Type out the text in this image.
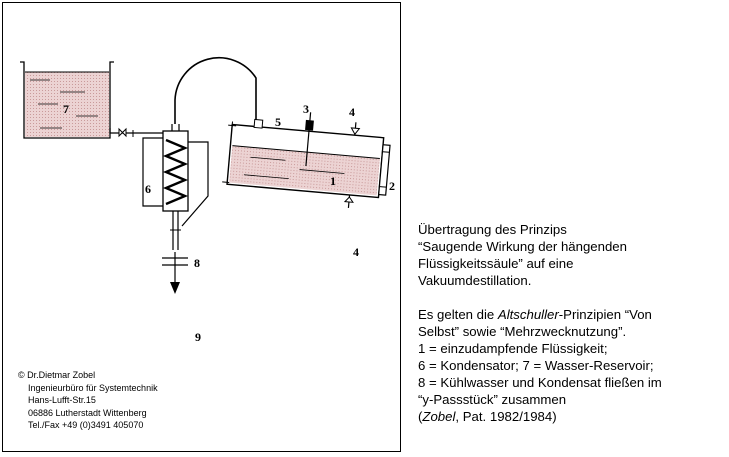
7
6
8
9
5
3	4
1	2
4
© Dr.Dietmar Zobel
Ingenieurbüro für Systemtechnik
Hans-Lufft-Str.15
06886 Lutherstadt Wittenberg
Tel./Fax +49 (0)3491 405070
Übertragung des Prinzips
“Saugende Wirkung der hängenden
Flüssigkeitssäule” auf eine
Vakuumdestillation.
Es gelten die Altschuller-Prinzipien “Von
Selbst” sowie “Mehrzwecknutzung”.
1 = einzudampfende Flüssigkeit;
6 = Kondensator; 7 = Wasser-Reservoir;
8 = Kühlwasser und Kondensat fließen im
“y-Passstück” zusammen
(Zobel, Pat. 1982/1984)
